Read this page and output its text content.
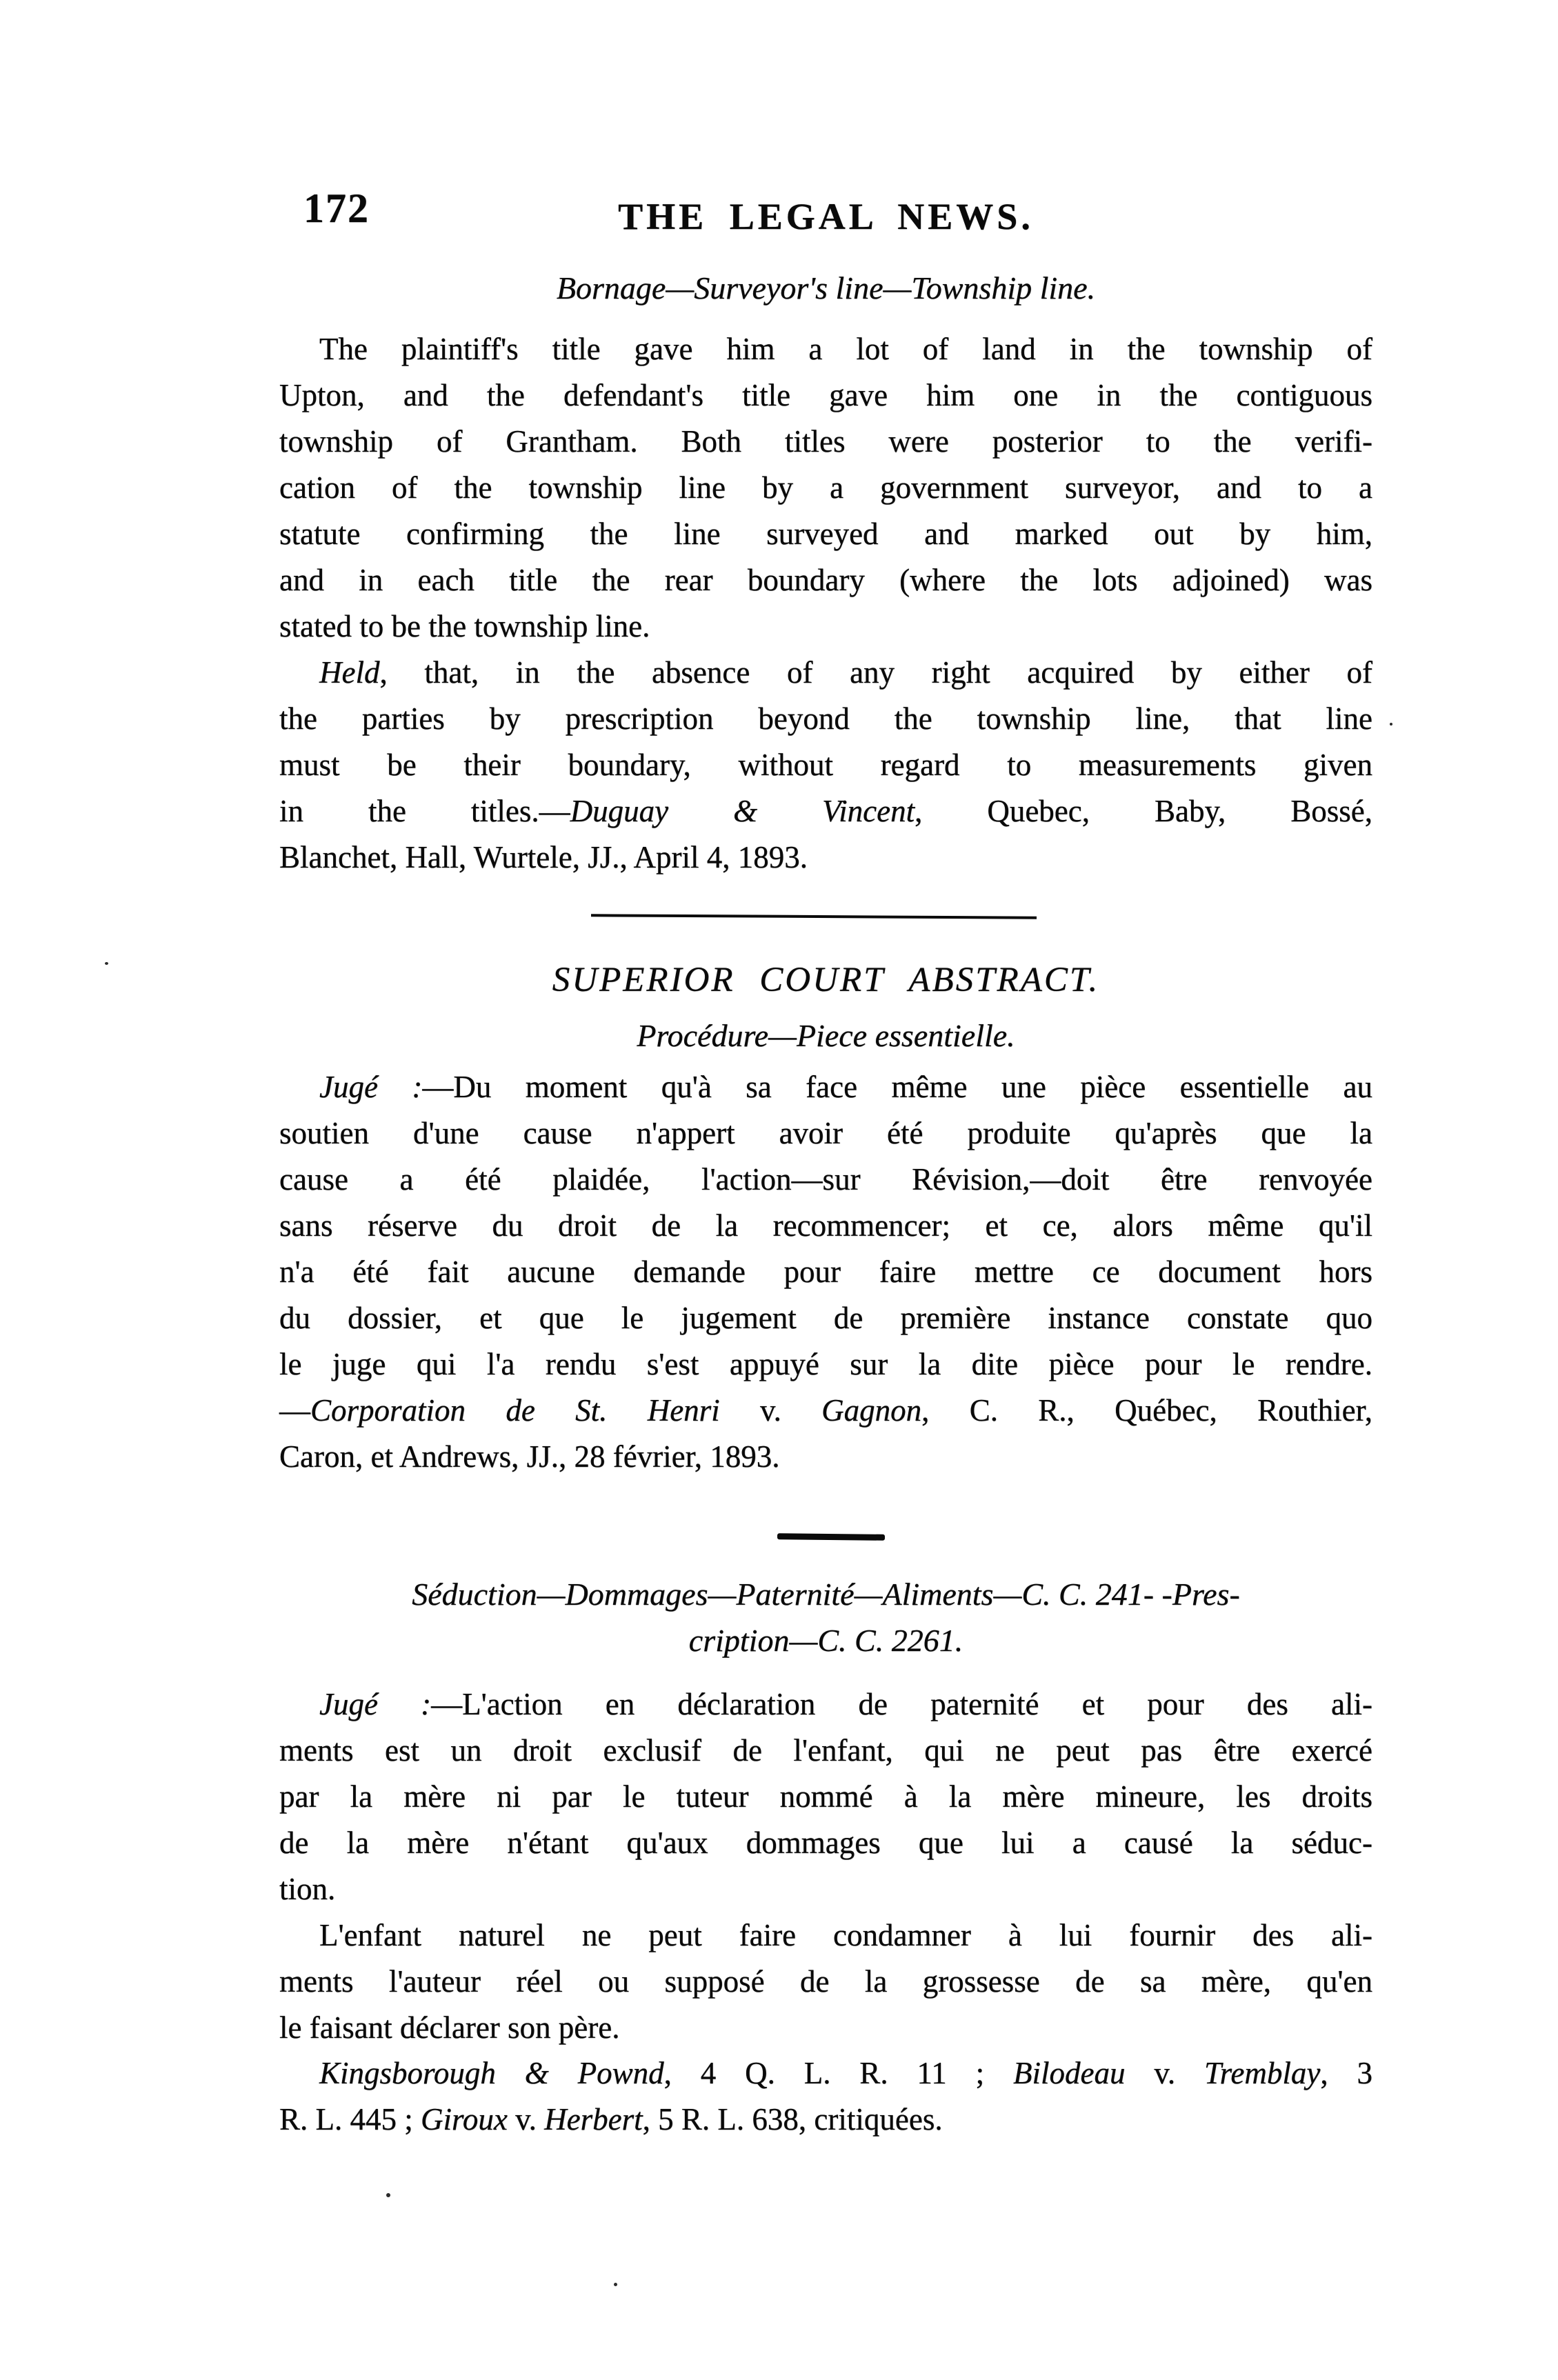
172	THE LEGAL NEWS.
Bornage—Surveyor's line—Township line.
The plaintiff's title gave him a lot of land in the township of
Upton, and the defendant's title gave him one in the contiguous
township of Grantham. Both titles were posterior to the verifi-
cation of the township line by a government surveyor, and to a
statute confirming the line surveyed and marked out by him,
and in each title the rear boundary (where the lots adjoined) was
stated to be the township line.
Held, that, in the absence of any right acquired by either of
the parties by prescription beyond the township line, that line
must be their boundary, without regard to measurements given
in the titles.—Duguay & Vincent, Quebec, Baby, Bossé,
Blanchet, Hall, Wurtele, JJ., April 4, 1893.
SUPERIOR COURT ABSTRACT.
Procédure—Piece essentielle.
Jugé :—Du moment qu'à sa face même une pièce essentielle au
soutien d'une cause n'appert avoir été produite qu'après que la
cause a été plaidée, l'action—sur Révision,—doit être renvoyée
sans réserve du droit de la recommencer; et ce, alors même qu'il
n'a été fait aucune demande pour faire mettre ce document hors
du dossier, et que le jugement de première instance constate quo
le juge qui l'a rendu s'est appuyé sur la dite pièce pour le rendre.
—Corporation de St. Henri v. Gagnon, C. R., Québec, Routhier,
Caron, et Andrews, JJ., 28 février, 1893.
Séduction—Dommages—Paternité—Aliments—C. C. 241- -Pres-
cription—C. C. 2261.
Jugé :—L'action en déclaration de paternité et pour des ali-
ments est un droit exclusif de l'enfant, qui ne peut pas être exercé
par la mère ni par le tuteur nommé à la mère mineure, les droits
de la mère n'étant qu'aux dommages que lui a causé la séduc-
tion.
L'enfant naturel ne peut faire condamner à lui fournir des ali-
ments l'auteur réel ou supposé de la grossesse de sa mère, qu'en
le faisant déclarer son père.
Kingsborough & Pownd, 4 Q. L. R. 11 ; Bilodeau v. Tremblay, 3
R. L. 445 ; Giroux v. Herbert, 5 R. L. 638, critiquées.
